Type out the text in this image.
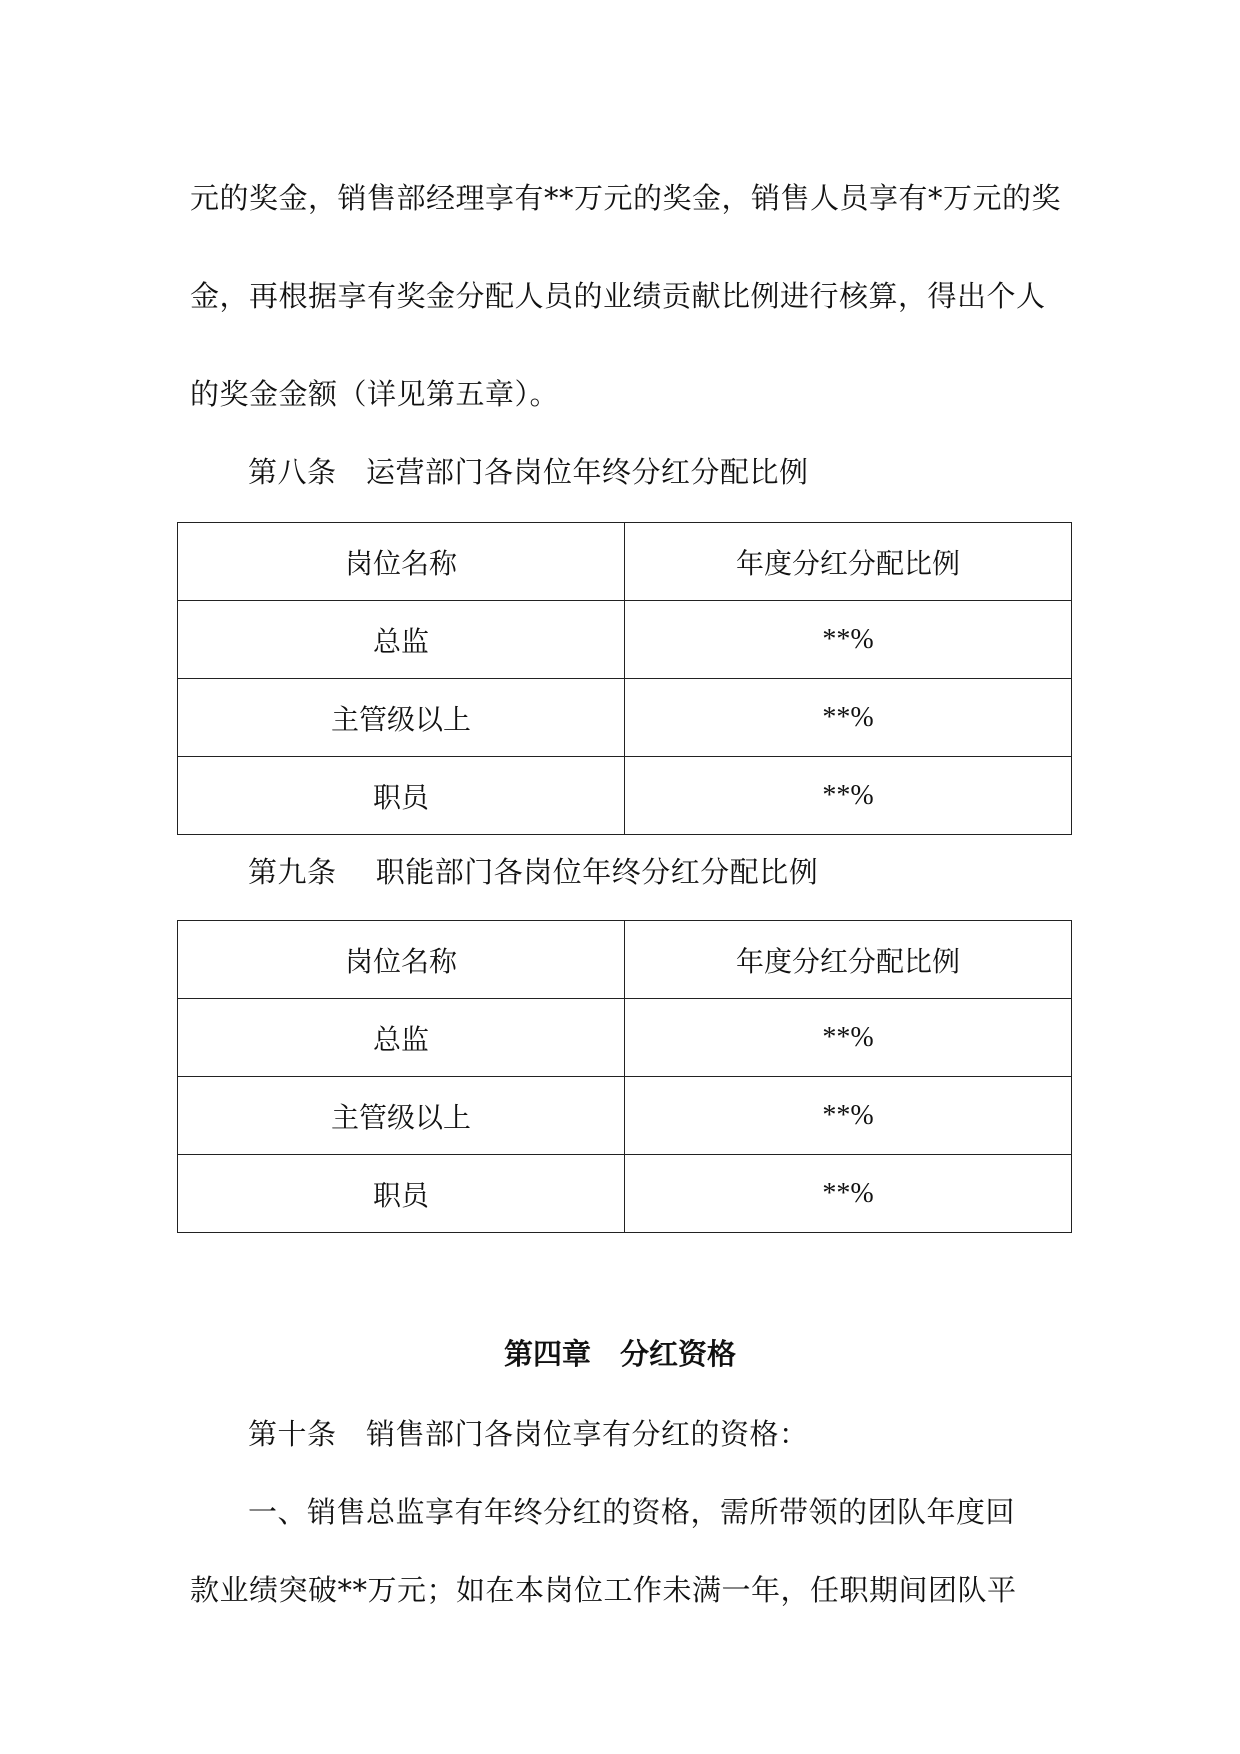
元的奖金，销售部经理享有**万元的奖金，销售人员享有*万元的奖
金，再根据享有奖金分配人员的业绩贡献比例进行核算，得出个人
的奖金金额（详见第五章）。
第八条　运营部门各岗位年终分红分配比例
岗位名称	年度分红分配比例
总监	**%
主管级以上	**%
职员	**%
第九条　 职能部门各岗位年终分红分配比例
岗位名称	年度分红分配比例
总监	**%
主管级以上	**%
职员	**%
第四章　分红资格
第十条　销售部门各岗位享有分红的资格：
一、销售总监享有年终分红的资格，需所带领的团队年度回
款业绩突破**万元；如在本岗位工作未满一年，任职期间团队平
